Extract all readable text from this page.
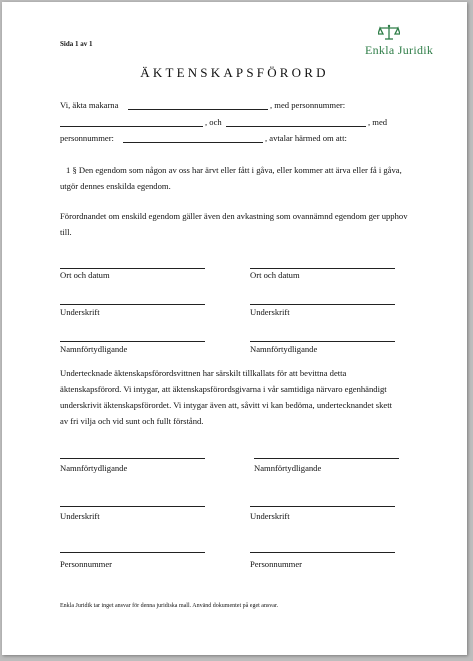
Sida 1 av 1	Enkla Juridik
ÄKTENSKAPSFÖRORD
Vi, äkta makarna	, med personnummer:
, och	, med
personnummer:	, avtalar härmed om att:
1 § Den egendom som någon av oss har ärvt eller fått i gåva, eller kommer att ärva eller få i gåva, utgör dennes enskilda egendom.
Förordnandet om enskild egendom gäller även den avkastning som ovannämnd egendom ger upphov till.
Ort och datum	Ort och datum
Underskrift	Underskrift
Namnförtydligande	Namnförtydligande
Undertecknade äktenskapsförordsvittnen har särskilt tillkallats för att bevittna detta äktenskapsförord. Vi intygar, att äktenskapsförordsgivarna i vår samtidiga närvaro egenhändigt underskrivit äktenskapsförordet. Vi intygar även att, såvitt vi kan bedöma, undertecknandet skett av fri vilja och vid sunt och fullt förstånd.
Namnförtydligande	Namnförtydligande
Underskrift	Underskrift
Personnummer	Personnummer
Enkla Juridik tar inget ansvar för denna juridiska mall. Använd dokumentet på eget ansvar.
